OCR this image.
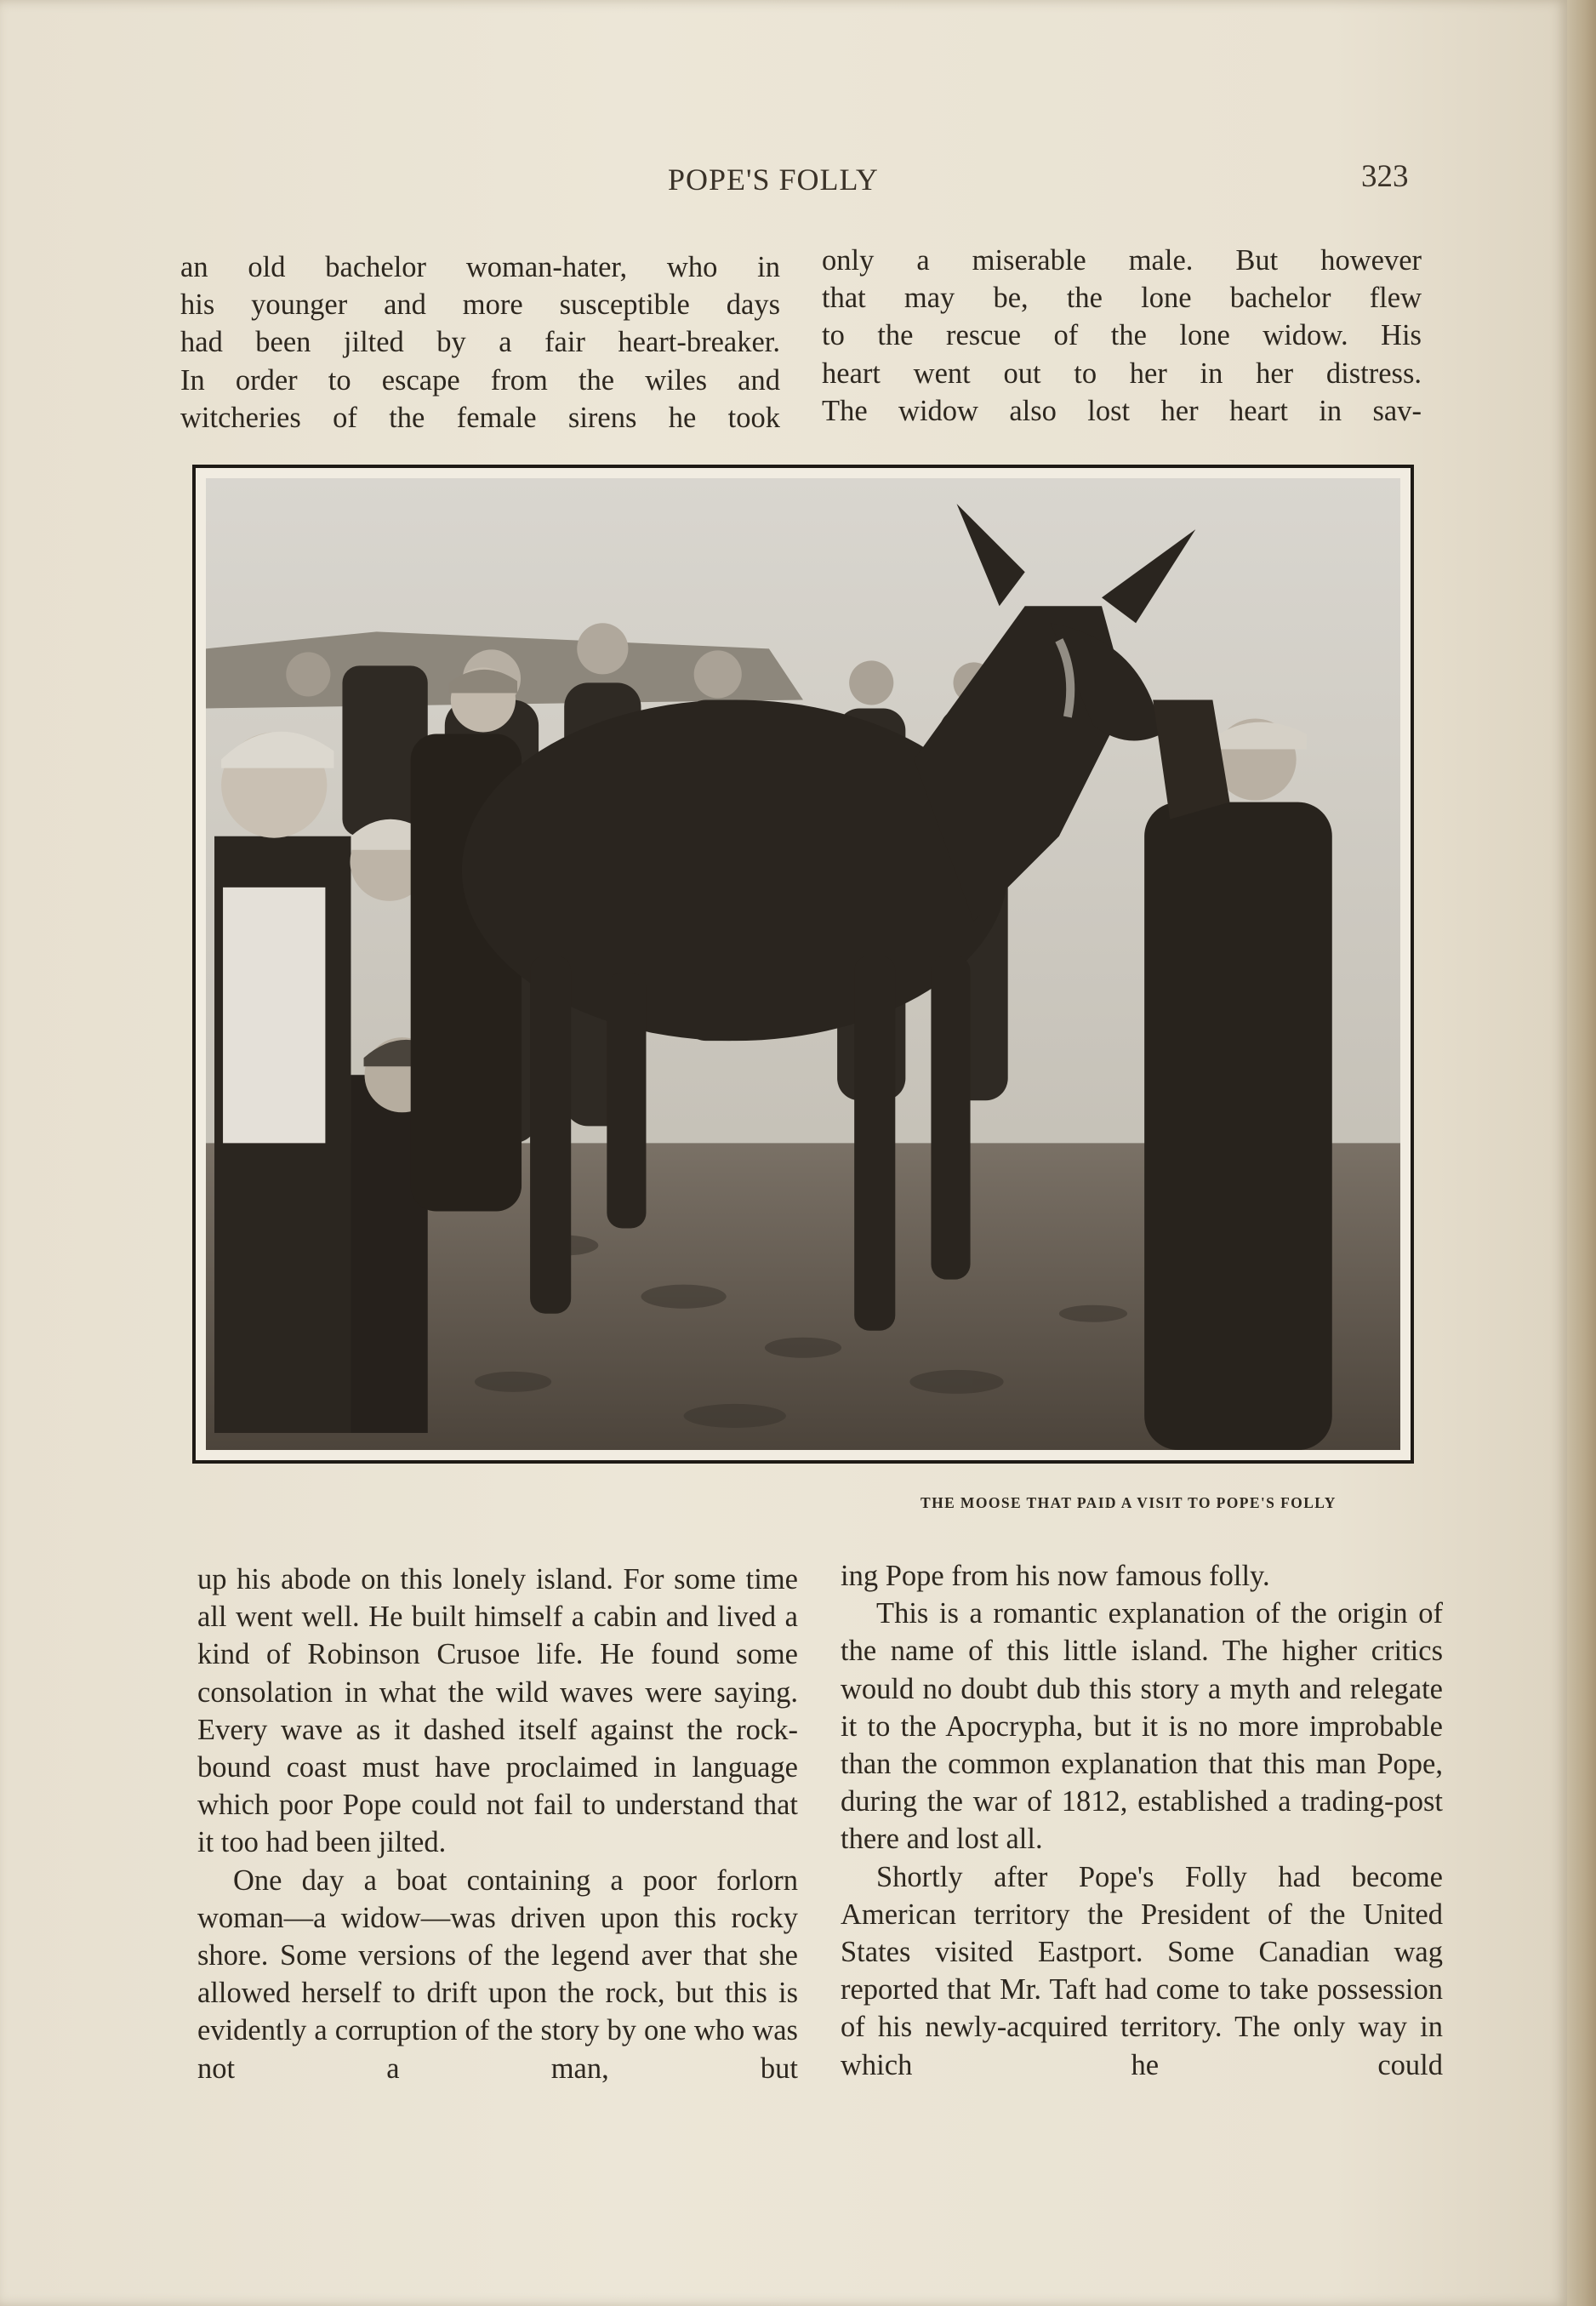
POPE'S FOLLY	323

an old bachelor woman-hater, who in

his younger and more susceptible days

had been jilted by a fair heart-breaker.

In order to escape from the wiles and

witcheries of the female sirens he took

only a miserable male. But however

that may be, the lone bachelor flew

to the rescue of the lone widow. His

heart went out to her in her distress.

The widow also lost her heart in sav-

THE MOOSE THAT PAID A VISIT TO POPE'S FOLLY

up his abode on this lonely island. For some time all went well. He built himself a cabin and lived a kind of Robinson Crusoe life. He found some consolation in what the wild waves were saying. Every wave as it dashed itself against the rock-bound coast must have proclaimed in language which poor Pope could not fail to understand that it too had been jilted.

One day a boat containing a poor forlorn woman—a widow—was driven upon this rocky shore. Some versions of the legend aver that she allowed herself to drift upon the rock, but this is evidently a corruption of the story by one who was not a man, but

ing Pope from his now famous folly.

This is a romantic explanation of the origin of the name of this little island. The higher critics would no doubt dub this story a myth and relegate it to the Apocrypha, but it is no more improbable than the common explanation that this man Pope, during the war of 1812, established a trading-post there and lost all.

Shortly after Pope's Folly had become American territory the President of the United States visited Eastport. Some Canadian wag reported that Mr. Taft had come to take possession of his newly-acquired territory. The only way in which he could
